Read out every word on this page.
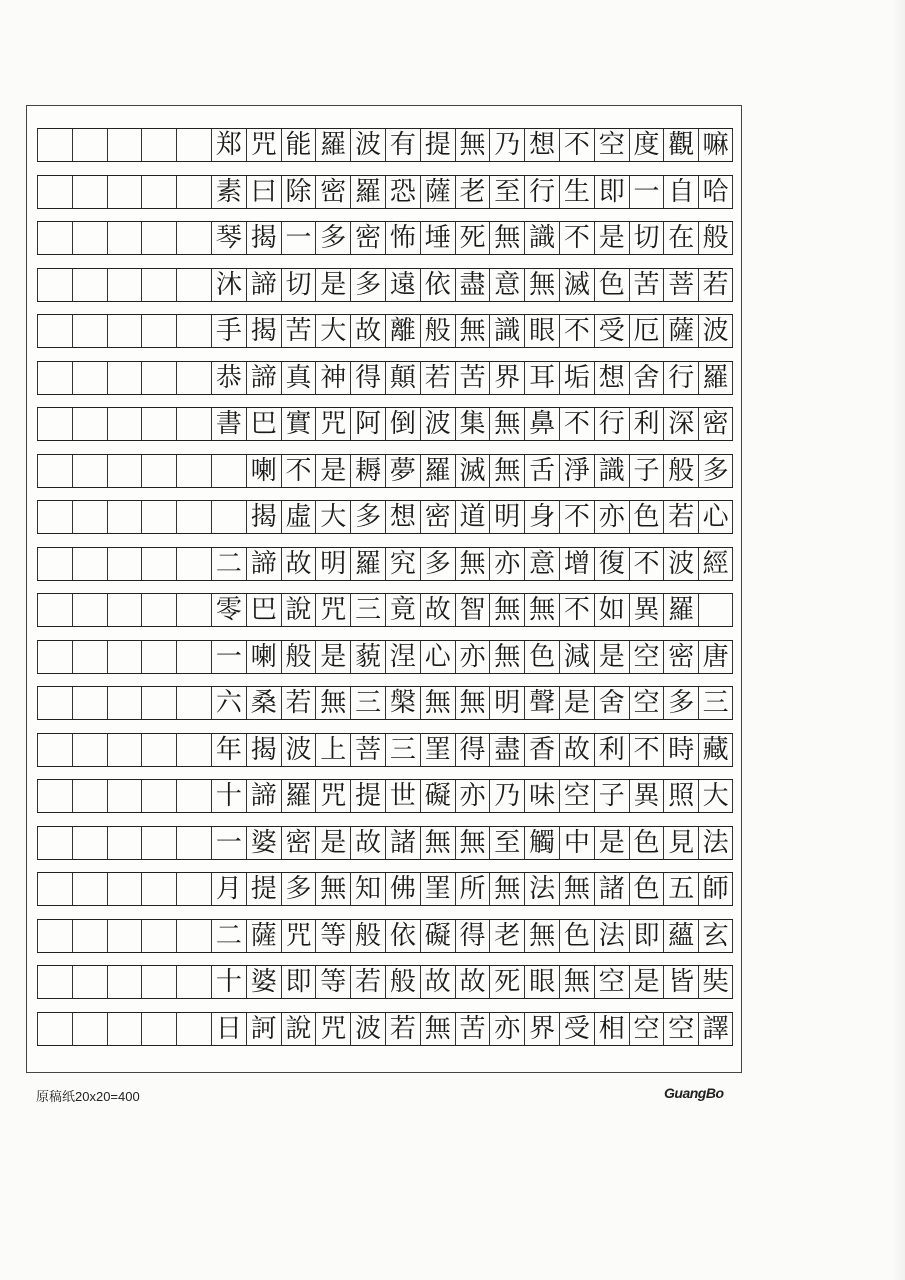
郑 咒 能 羅 波 有 提 無 乃 想 不 空 度 觀 嘛
素 曰 除 密 羅 恐 薩 老 至 行 生 即 一 自 哈
琴 揭 一 多 密 怖 埵 死 無 識 不 是 切 在 般
沐 諦 切 是 多 遠 依 盡 意 無 滅 色 苦 菩 若
手 揭 苦 大 故 離 般 無 識 眼 不 受 厄 薩 波
恭 諦 真 神 得 顛 若 苦 界 耳 垢 想 舍 行 羅
書 巴 實 咒 阿 倒 波 集 無 鼻 不 行 利 深 密
喇 不 是 耨 夢 羅 滅 無 舌 淨 識 子 般 多
揭 虛 大 多 想 密 道 明 身 不 亦 色 若 心
二 諦 故 明 羅 究 多 無 亦 意 增 復 不 波 經
零 巴 說 咒 三 竟 故 智 無 無 不 如 異 羅
一 喇 般 是 藐 涅 心 亦 無 色 減 是 空 密 唐
六 桑 若 無 三 槃 無 無 明 聲 是 舍 空 多 三
年 揭 波 上 菩 三 罣 得 盡 香 故 利 不 時 藏
十 諦 羅 咒 提 世 礙 亦 乃 味 空 子 異 照 大
一 婆 密 是 故 諸 無 無 至 觸 中 是 色 見 法
月 提 多 無 知 佛 罣 所 無 法 無 諸 色 五 師
二 薩 咒 等 般 依 礙 得 老 無 色 法 即 蘊 玄
十 婆 即 等 若 般 故 故 死 眼 無 空 是 皆 奘
日 訶 說 咒 波 若 無 苦 亦 界 受 相 空 空 譯
原稿纸20x20=400	GuangBo
